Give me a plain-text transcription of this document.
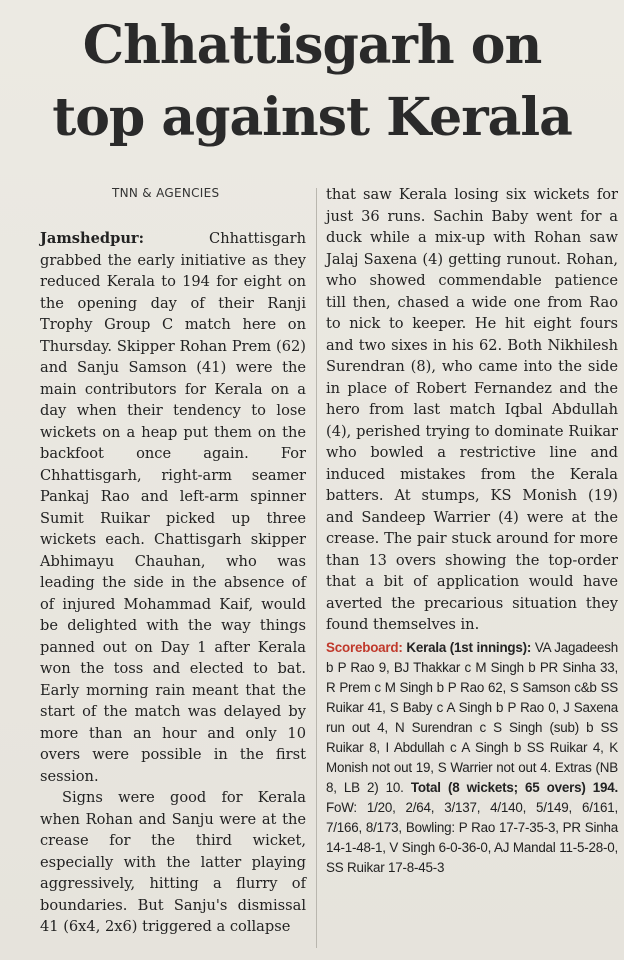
Chhattisgarh on
top against Kerala
TNN & AGENCIES

Jamshedpur:	Chhattisgarh grabbed the early initiative as they reduced Kerala to 194 for eight on the opening day of their Ranji Trophy Group C match here on Thursday. Skipper Rohan Prem (62) and Sanju Samson (41) were the main contributors for Kerala on a day when their tendency to lose wickets on a heap put them on the backfoot once again. For Chhattisgarh, right-arm seamer Pankaj Rao and left-arm spinner Sumit Ruikar picked up three wickets each. Chattisgarh skipper Abhimayu Chauhan, who was leading the side in the absence of of injured Mohammad Kaif, would be delighted with the way things panned out on Day 1 after Kerala won the toss and elected to bat. Early morning rain meant that the start of the match was delayed by more than an hour and only 10 overs were possible in the first session.

Signs were good for Kerala when Rohan and Sanju were at the crease for the third wicket, especially with the latter playing aggressively, hitting a flurry of boundaries. But Sanju's dismissal 41 (6x4, 2x6) triggered a collapse

that saw Kerala losing six wickets for just 36 runs. Sachin Baby went for a duck while a mix-up with Rohan saw Jalaj Saxena (4) getting runout. Rohan, who showed commendable patience till then, chased a wide one from Rao to nick to keeper. He hit eight fours and two sixes in his 62. Both Nikhilesh Surendran (8), who came into the side in place of Robert Fernandez and the hero from last match Iqbal Abdullah (4), perished trying to dominate Ruikar who bowled a restrictive line and induced mistakes from the Kerala batters. At stumps, KS Monish (19) and Sandeep Warrier (4) were at the crease. The pair stuck around for more than 13 overs showing the top-order that a bit of application would have averted the precarious situation they found themselves in.

Scoreboard: Kerala (1st innings): VA Jagadeesh b P Rao 9, BJ Thakkar c M Singh b PR Sinha 33, R Prem c M Singh b P Rao 62, S Samson c&b SS Ruikar 41, S Baby c A Singh b P Rao 0, J Saxena run out 4, N Surendran c S Singh (sub) b SS Ruikar 8, I Abdullah c A Singh b SS Ruikar 4, K Monish not out 19, S Warrier not out 4. Extras (NB 8, LB 2) 10. Total (8 wickets; 65 overs) 194. FoW: 1/20, 2/64, 3/137, 4/140, 5/149, 6/161, 7/166, 8/173, Bowling: P Rao 17-7-35-3, PR Sinha 14-1-48-1, V Singh 6-0-36-0, AJ Mandal 11-5-28-0, SS Ruikar 17-8-45-3
